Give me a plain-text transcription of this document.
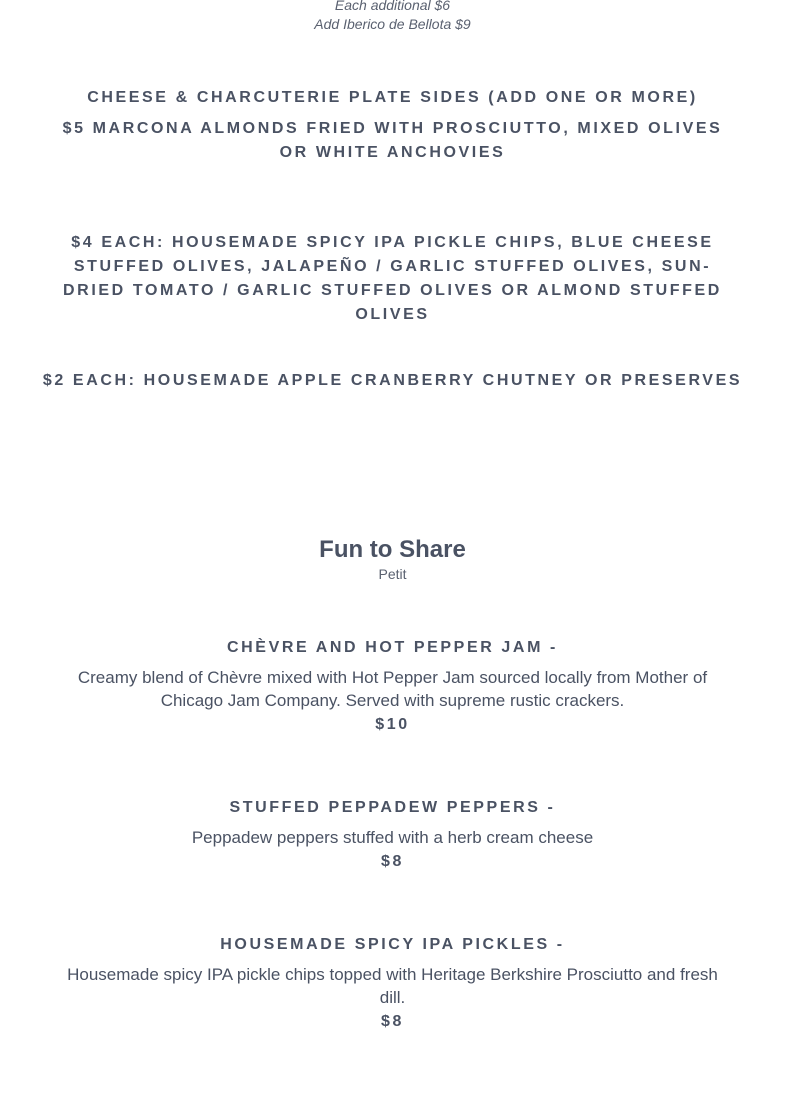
Each additional $6
Add Iberico de Bellota $9
CHEESE & CHARCUTERIE PLATE SIDES (ADD ONE OR MORE)
$5 MARCONA ALMONDS FRIED WITH PROSCIUTTO, MIXED OLIVES OR WHITE ANCHOVIES
$4 EACH: HOUSEMADE SPICY IPA PICKLE CHIPS, BLUE CHEESE STUFFED OLIVES, JALAPEÑO / GARLIC STUFFED OLIVES, SUN-DRIED TOMATO / GARLIC STUFFED OLIVES OR ALMOND STUFFED OLIVES
$2 EACH: HOUSEMADE APPLE CRANBERRY CHUTNEY OR PRESERVES
Fun to Share
Petit
CHÈVRE AND HOT PEPPER JAM -
Creamy blend of Chèvre mixed with Hot Pepper Jam sourced locally from Mother of Chicago Jam Company. Served with supreme rustic crackers.
$10
STUFFED PEPPADEW PEPPERS -
Peppadew peppers stuffed with a herb cream cheese
$8
HOUSEMADE SPICY IPA PICKLES -
Housemade spicy IPA pickle chips topped with Heritage Berkshire Prosciutto and fresh dill.
$8
